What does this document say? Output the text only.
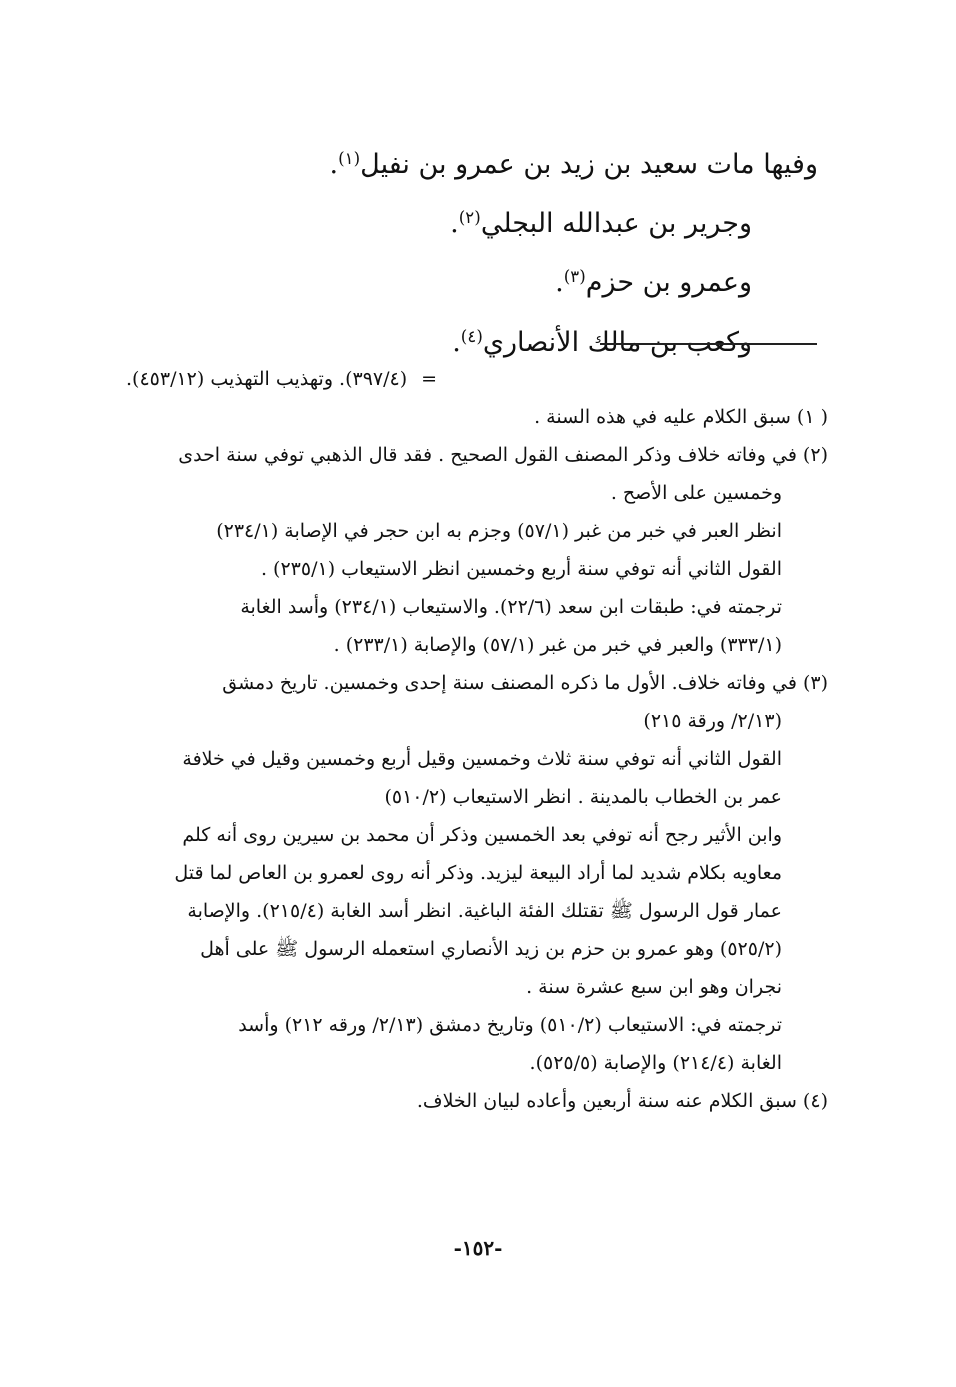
وفيها مات سعيد بن زيد بن عمرو بن نفيل$^{(١)}$.
وجرير بن عبدالله البجلي$^{(٢)}$.
وعمرو بن حزم$^{(٣)}$.
وكعب بن مالك الأنصاري$^{(٤)}$.
=
(٣٩٧/٤). وتهذيب التهذيب (٤٥٣/١٢).
( ١) سبق الكلام عليه في هذه السنة .
(٢) في وفاته خلاف وذكر المصنف القول الصحيح . فقد قال الذهبي توفي سنة احدى
وخمسين على الأصح .
انظر العبر في خبر من غبر (٥٧/١) وجزم به ابن حجر في الإصابة (٢٣٤/١)
القول الثاني أنه توفي سنة أربع وخمسين انظر الاستيعاب (٢٣٥/١) .
ترجمته في: طبقات ابن سعد (٢٢/٦). والاستيعاب (٢٣٤/١) وأسد الغابة
(٣٣٣/١) والعبر في خبر من غبر (٥٧/١) والإصابة (٢٣٣/١) .
(٣) في وفاته خلاف. الأول ما ذكره المصنف سنة إحدى وخمسين. تاريخ دمشق
(٢/١٣/ ورقة ٢١٥)
القول الثاني أنه توفي سنة ثلاث وخمسين وقيل أربع وخمسين وقيل في خلافة
عمر بن الخطاب بالمدينة . انظر الاستيعاب (٥١٠/٢)
وابن الأثير رجح أنه توفي بعد الخمسين وذكر أن محمد بن سيرين روى أنه كلم
معاويه بكلام شديد لما أراد البيعة ليزيد. وذكر أنه روى لعمرو بن العاص لما قتل
عمار قول الرسول ﷺ تقتلك الفئة الباغية. انظر أسد الغابة (٢١٥/٤). والإصابة
(٥٢٥/٢) وهو عمرو بن حزم بن زيد الأنصاري استعمله الرسول ﷺ على أهل
نجران وهو ابن سبع عشرة سنة .
ترجمته في: الاستيعاب (٥١٠/٢) وتاريخ دمشق (٢/١٣/ ورقه ٢١٢) وأسد
الغابة (٢١٤/٤) والإصابة (٥٢٥/٥).
(٤) سبق الكلام عنه سنة أربعين وأعاده لبيان الخلاف.
-١٥٢-
